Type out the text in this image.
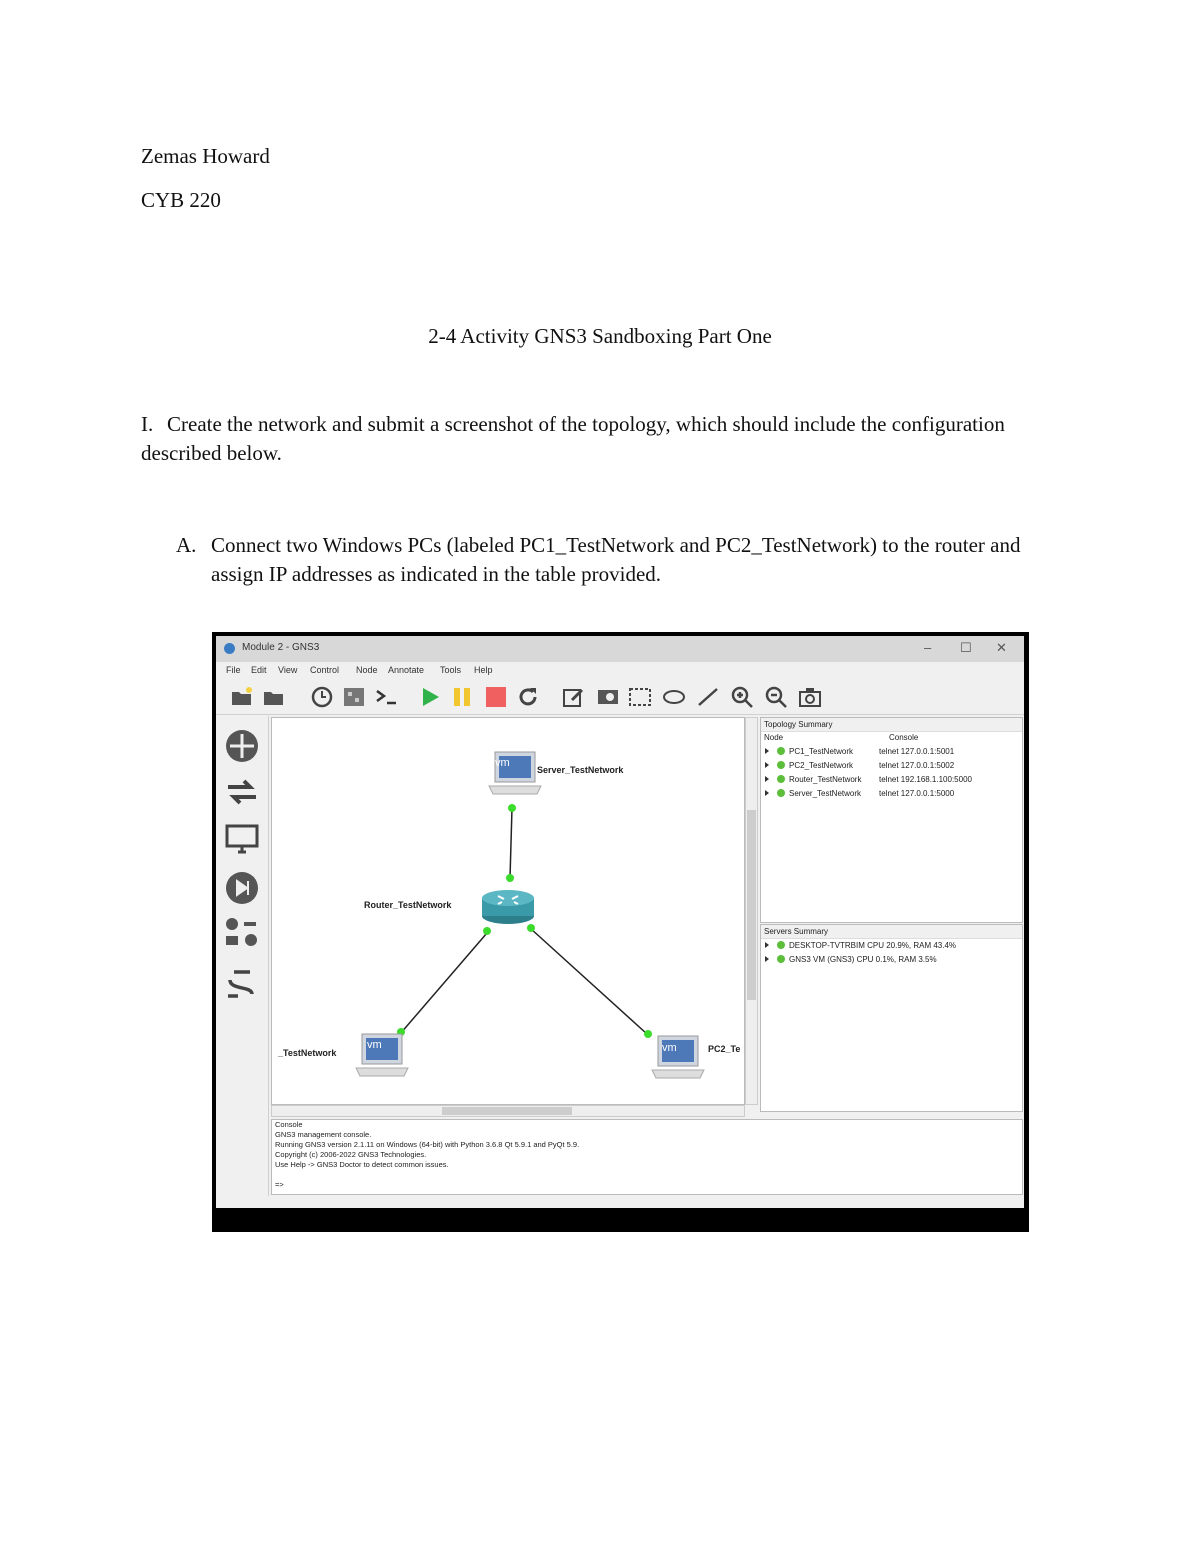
Zemas Howard
CYB 220
2-4 Activity GNS3 Sandboxing Part One
I. Create the network and submit a screenshot of the topology, which should include the configuration described below.
A. Connect two Windows PCs (labeled PC1_TestNetwork and PC2_TestNetwork) to the router and assign IP addresses as indicated in the table provided.
Module 2 - GNS3	– ☐ ✕
File Edit View Control Node Annotate Tools Help
vm
Server_TestNetwork
Router_TestNetwork
vm
_TestNetwork	vm	PC2_Te
Topology Summary
Node	Console
PC1_TestNetwork	telnet 127.0.0.1:5001
PC2_TestNetwork	telnet 127.0.0.1:5002
Router_TestNetwork telnet 192.168.1.100:5000
Server_TestNetwork telnet 127.0.0.1:5000
Servers Summary
DESKTOP-TVTRBIM CPU 20.9%, RAM 43.4%
GNS3 VM (GNS3) CPU 0.1%, RAM 3.5%
Console
GNS3 management console.
Running GNS3 version 2.1.11 on Windows (64-bit) with Python 3.6.8 Qt 5.9.1 and PyQt 5.9.
Copyright (c) 2006-2022 GNS3 Technologies.
Use Help -> GNS3 Doctor to detect common issues.
=>
